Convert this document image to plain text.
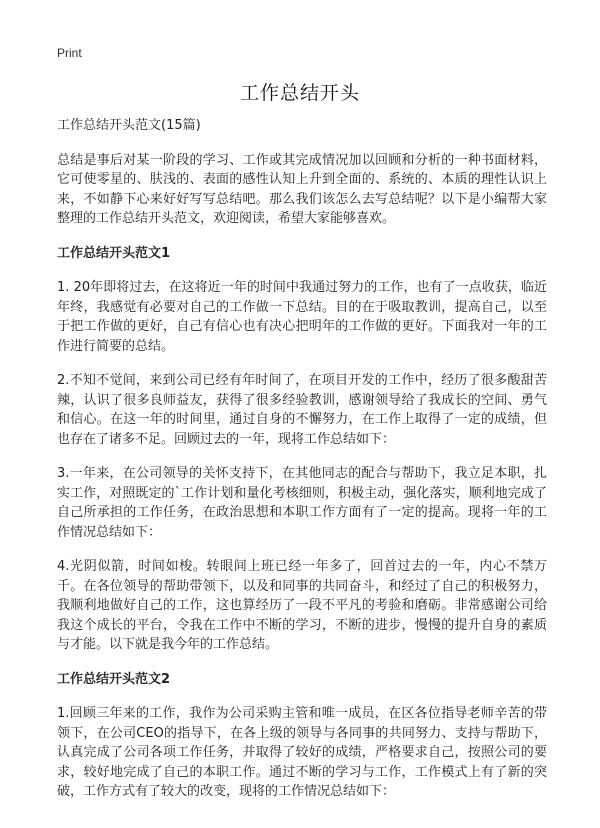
Print
工作总结开头

工作总结开头范文(15篇)

总结是事后对某一阶段的学习、工作或其完成情况加以回顾和分析的一种书面材料，它可使零星的、肤浅的、表面的感性认知上升到全面的、系统的、本质的理性认识上来，不如静下心来好好写写总结吧。那么我们该怎么去写总结呢？以下是小编帮大家整理的工作总结开头范文，欢迎阅读，希望大家能够喜欢。

工作总结开头范文1

1. 20年即将过去，在这将近一年的时间中我通过努力的工作，也有了一点收获，临近年终，我感觉有必要对自己的工作做一下总结。目的在于吸取教训，提高自己，以至于把工作做的更好，自己有信心也有决心把明年的工作做的更好。下面我对一年的工作进行简要的总结。

2.不知不觉间，来到公司已经有年时间了，在项目开发的工作中，经历了很多酸甜苦辣，认识了很多良师益友，获得了很多经验教训，感谢领导给了我成长的空间、勇气和信心。在这一年的时间里，通过自身的不懈努力，在工作上取得了一定的成绩，但也存在了诸多不足。回顾过去的一年，现将工作总结如下：

3.一年来，在公司领导的关怀支持下，在其他同志的配合与帮助下，我立足本职，扎实工作，对照既定的`工作计划和量化考核细则，积极主动，强化落实，顺利地完成了自己所承担的工作任务，在政治思想和本职工作方面有了一定的提高。现将一年的工作情况总结如下：

4.光阴似箭，时间如梭。转眼间上班已经一年多了，回首过去的一年，内心不禁万千。在各位领导的帮助带领下，以及和同事的共同奋斗，和经过了自己的积极努力，我顺利地做好自己的工作，这也算经历了一段不平凡的考验和磨砺。非常感谢公司给我这个成长的平台，令我在工作中不断的学习，不断的进步，慢慢的提升自身的素质与才能。以下就是我今年的工作总结。

工作总结开头范文2

1.回顾三年来的工作，我作为公司采购主管和唯一成员，在区各位指导老师辛苦的带领下，在公司CEO的指导下，在各上级的领导与各同事的共同努力、支持与帮助下，认真完成了公司各项工作任务，并取得了较好的成绩，严格要求自己，按照公司的要求，较好地完成了自己的本职工作。通过不断的学习与工作，工作模式上有了新的突破，工作方式有了较大的改变，现将的工作情况总结如下：
